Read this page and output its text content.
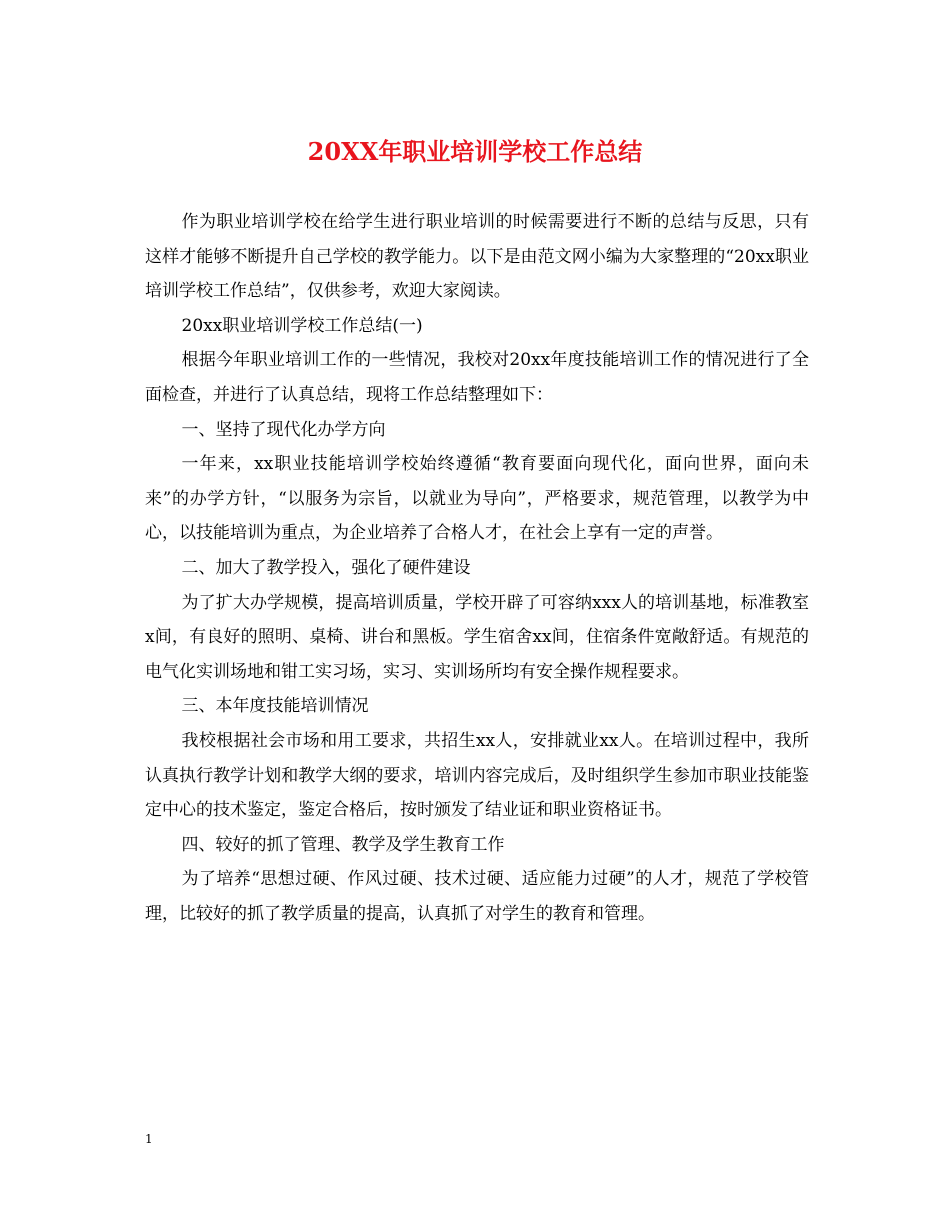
20XX年职业培训学校工作总结

作为职业培训学校在给学生进行职业培训的时候需要进行不断的总结与反思，只有这样才能够不断提升自己学校的教学能力。以下是由范文网小编为大家整理的“20xx职业培训学校工作总结”，仅供参考，欢迎大家阅读。

20xx职业培训学校工作总结(一)

根据今年职业培训工作的一些情况，我校对20xx年度技能培训工作的情况进行了全面检查，并进行了认真总结，现将工作总结整理如下：

一、坚持了现代化办学方向

一年来，xx职业技能培训学校始终遵循“教育要面向现代化，面向世界，面向未来”的办学方针，“以服务为宗旨，以就业为导向”，严格要求，规范管理，以教学为中心，以技能培训为重点，为企业培养了合格人才，在社会上享有一定的声誉。

二、加大了教学投入，强化了硬件建设

为了扩大办学规模，提高培训质量，学校开辟了可容纳xxx人的培训基地，标准教室x间，有良好的照明、桌椅、讲台和黑板。学生宿舍xx间，住宿条件宽敞舒适。有规范的电气化实训场地和钳工实习场，实习、实训场所均有安全操作规程要求。

三、本年度技能培训情况

我校根据社会市场和用工要求，共招生xx人，安排就业xx人。在培训过程中，我所认真执行教学计划和教学大纲的要求，培训内容完成后，及时组织学生参加市职业技能鉴定中心的技术鉴定，鉴定合格后，按时颁发了结业证和职业资格证书。

四、较好的抓了管理、教学及学生教育工作

为了培养“思想过硬、作风过硬、技术过硬、适应能力过硬”的人才，规范了学校管理，比较好的抓了教学质量的提高，认真抓了对学生的教育和管理。

1
